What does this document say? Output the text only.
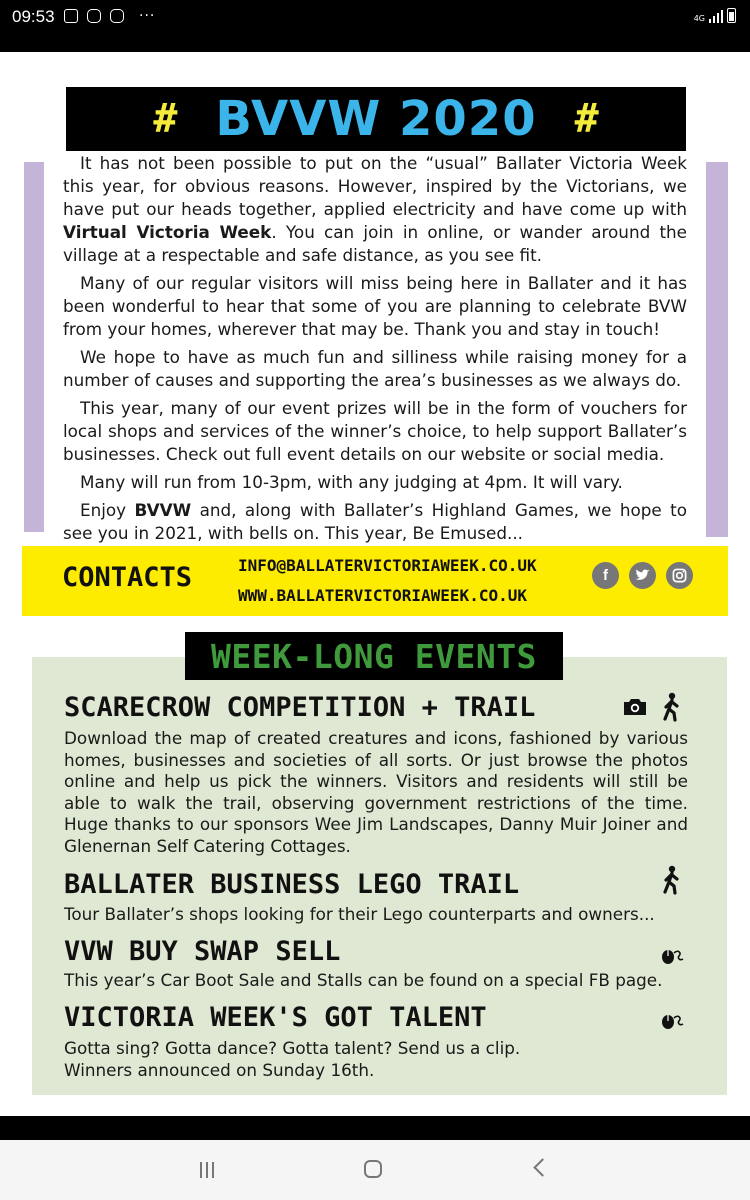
09:53	···	4G
# BVVW 2020 #

It has not been possible to put on the “usual” Ballater Victoria Week this year, for obvious reasons. However, inspired by the Victorians, we have put our heads together, applied electricity and have come up with Virtual Victoria Week. You can join in online, or wander around the village at a respectable and safe distance, as you see fit.

Many of our regular visitors will miss being here in Ballater and it has been wonderful to hear that some of you are planning to celebrate BVW from your homes, wherever that may be. Thank you and stay in touch!

We hope to have as much fun and silliness while raising money for a number of causes and supporting the area’s businesses as we always do.

This year, many of our event prizes will be in the form of vouchers for local shops and services of the winner’s choice, to help support Ballater’s businesses. Check out full event details on our website or social media.

Many will run from 10-3pm, with any judging at 4pm. It will vary.

Enjoy BVVW and, along with Ballater’s Highland Games, we hope to see you in 2021, with bells on. This year, Be Emused...

CONTACTS	INFO@BALLATERVICTORIAWEEK.CO.UK
WWW.BALLATERVICTORIAWEEK.CO.UK
f
WEEK-LONG EVENTS
SCARECROW COMPETITION + TRAIL
Download the map of created creatures and icons, fashioned by various homes, businesses and societies of all sorts. Or just browse the photos online and help us pick the winners. Visitors and residents will still be able to walk the trail, observing government restrictions of the time. Huge thanks to our sponsors Wee Jim Landscapes, Danny Muir Joiner and Glenernan Self Catering Cottages.
BALLATER BUSINESS LEGO TRAIL
Tour Ballater’s shops looking for their Lego counterparts and owners...
VVW BUY SWAP SELL
This year’s Car Boot Sale and Stalls can be found on a special FB page.
VICTORIA WEEK'S GOT TALENT
Gotta sing? Gotta dance? Gotta talent? Send us a clip.
Winners announced on Sunday 16th.
